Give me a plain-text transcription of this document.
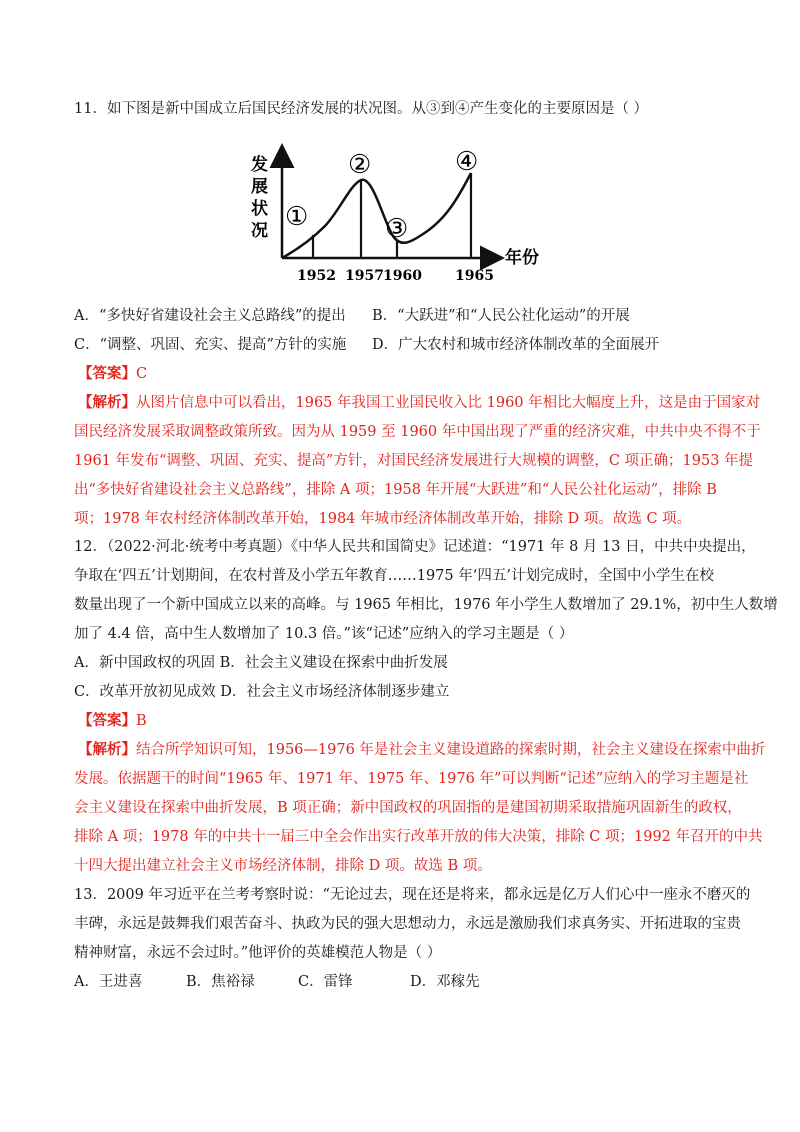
11．如下图是新中国成立后国民经济发展的状况图。从③到④产生变化的主要原因是（ ）
发
展
状
况
年份
①
②
③
④
1952 1957 1960 1965
A．“多快好省建设社会主义总路线”的提出 B．“大跃进”和“人民公社化运动”的开展
C．“调整、巩固、充实、提高”方针的实施 D．广大农村和城市经济体制改革的全面展开
【答案】C
【解析】从图片信息中可以看出，1965 年我国工业国民收入比 1960 年相比大幅度上升，这是由于国家对
国民经济发展采取调整政策所致。因为从 1959 至 1960 年中国出现了严重的经济灾难，中共中央不得不于
1961 年发布“调整、巩固、充实、提高”方针，对国民经济发展进行大规模的调整，C 项正确；1953 年提
出“多快好省建设社会主义总路线”，排除 A 项；1958 年开展“大跃进”和“人民公社化运动”，排除 B
项；1978 年农村经济体制改革开始，1984 年城市经济体制改革开始，排除 D 项。故选 C 项。
12．（2022·河北·统考中考真题）《中华人民共和国简史》记述道：“1971 年 8 月 13 日，中共中央提出，
争取在‘四五’计划期间，在农村普及小学五年教育……1975 年‘四五’计划完成时，全国中小学生在校
数量出现了一个新中国成立以来的高峰。与 1965 年相比，1976 年小学生人数增加了 29.1%，初中生人数增
加了 4.4 倍，高中生人数增加了 10.3 倍。”该“记述”应纳入的学习主题是（ ）
A．新中国政权的巩固 B．社会主义建设在探索中曲折发展
C．改革开放初见成效 D．社会主义市场经济体制逐步建立
【答案】B
【解析】结合所学知识可知，1956—1976 年是社会主义建设道路的探索时期，社会主义建设在探索中曲折
发展。依据题干的时间“1965 年、1971 年、1975 年、1976 年”可以判断“记述”应纳入的学习主题是社
会主义建设在探索中曲折发展，B 项正确；新中国政权的巩固指的是建国初期采取措施巩固新生的政权，
排除 A 项；1978 年的中共十一届三中全会作出实行改革开放的伟大决策，排除 C 项；1992 年召开的中共
十四大提出建立社会主义市场经济体制，排除 D 项。故选 B 项。
13．2009 年习近平在兰考考察时说：“无论过去，现在还是将来，都永远是亿万人们心中一座永不磨灭的
丰碑，永远是鼓舞我们艰苦奋斗、执政为民的强大思想动力，永远是激励我们求真务实、开拓进取的宝贵
精神财富，永远不会过时。”他评价的英雄模范人物是（ ）
A．王进喜	B．焦裕禄	C．雷锋	D．邓稼先
